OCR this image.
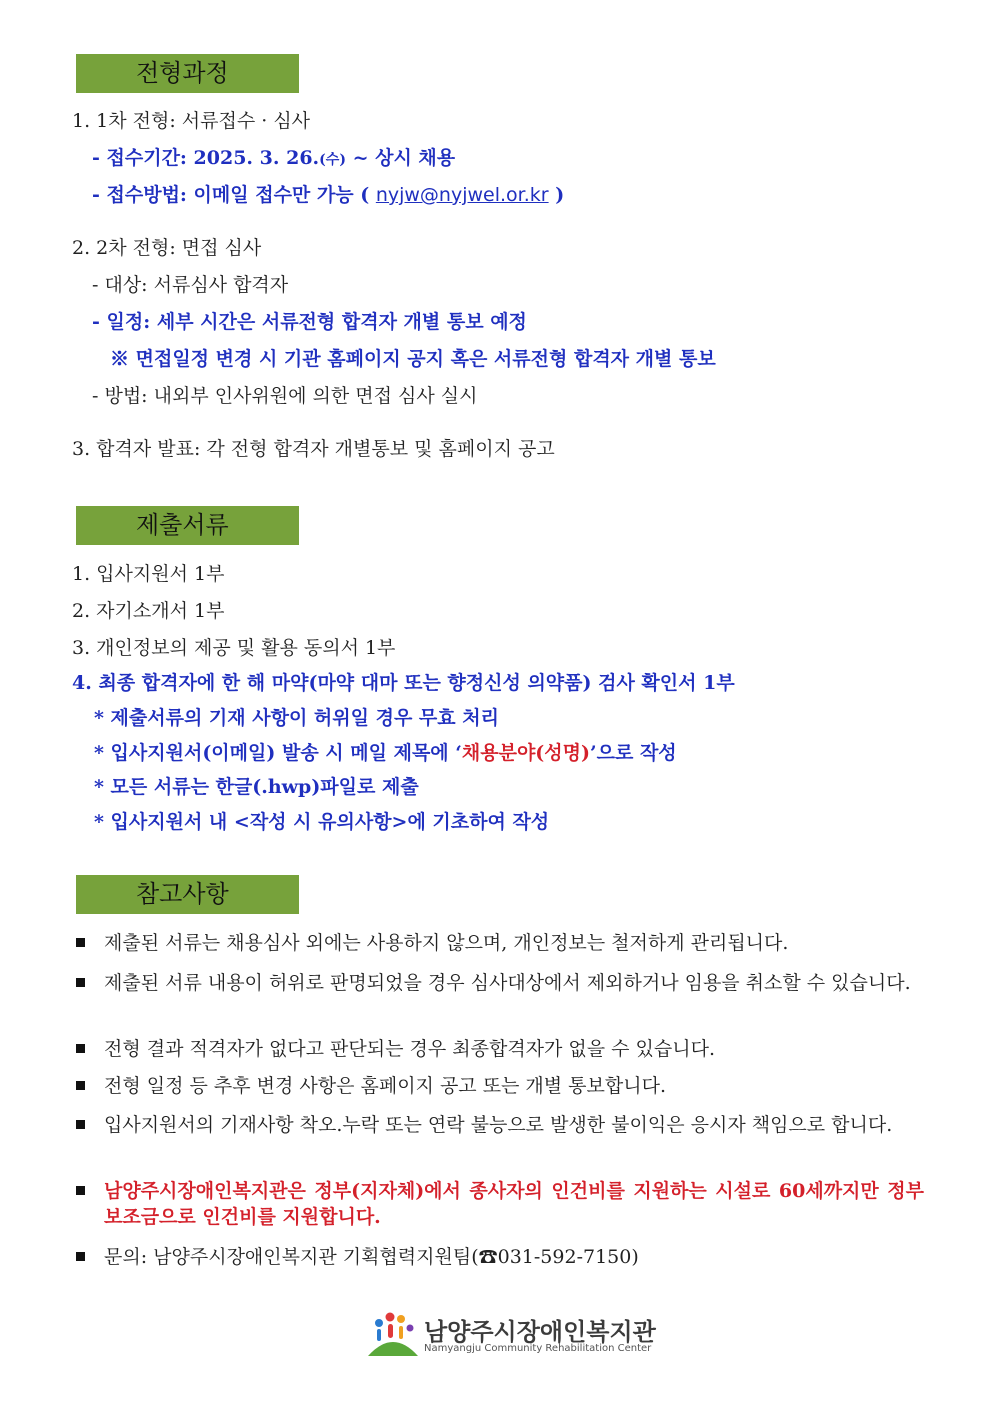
전형과정
1. 1차 전형: 서류접수 · 심사
- 접수기간: 2025. 3. 26.(수) ~ 상시 채용
- 접수방법: 이메일 접수만 가능 ( nyjw@nyjwel.or.kr )
2. 2차 전형: 면접 심사
- 대상: 서류심사 합격자
- 일정: 세부 시간은 서류전형 합격자 개별 통보 예정
※ 면접일정 변경 시 기관 홈페이지 공지 혹은 서류전형 합격자 개별 통보
- 방법: 내외부 인사위원에 의한 면접 심사 실시
3. 합격자 발표: 각 전형 합격자 개별통보 및 홈페이지 공고
제출서류
1. 입사지원서 1부
2. 자기소개서 1부
3. 개인정보의 제공 및 활용 동의서 1부
4. 최종 합격자에 한 해 마약(마약 대마 또는 향정신성 의약품) 검사 확인서 1부
* 제출서류의 기재 사항이 허위일 경우 무효 처리
* 입사지원서(이메일) 발송 시 메일 제목에 ‘채용분야(성명)’으로 작성
* 모든 서류는 한글(.hwp)파일로 제출
* 입사지원서 내 <작성 시 유의사항>에 기초하여 작성
참고사항
제출된 서류는 채용심사 외에는 사용하지 않으며, 개인정보는 철저하게 관리됩니다.
제출된 서류 내용이 허위로 판명되었을 경우 심사대상에서 제외하거나 임용을 취소할 수 있습니다.
전형 결과 적격자가 없다고 판단되는 경우 최종합격자가 없을 수 있습니다.
전형 일정 등 추후 변경 사항은 홈페이지 공고 또는 개별 통보합니다.
입사지원서의 기재사항 착오.누락 또는 연락 불능으로 발생한 불이익은 응시자 책임으로 합니다.
남양주시장애인복지관은 정부(지자체)에서 종사자의 인건비를 지원하는 시설로 60세까지만 정부 보조금으로 인건비를 지원합니다.
문의: 남양주시장애인복지관 기획협력지원팀(☎031-592-7150)
남양주시장애인복지관
Namyangju Community Rehabilitation Center
